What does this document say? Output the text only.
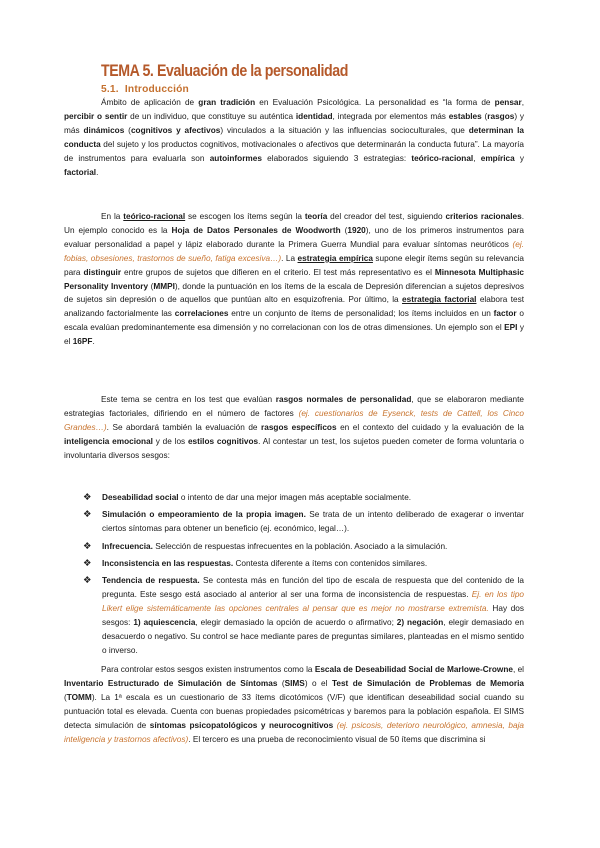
TEMA 5. Evaluación de la personalidad
5.1. Introducción

Ámbito de aplicación de gran tradición en Evaluación Psicológica. La personalidad es “la forma de pensar, percibir o sentir de un individuo, que constituye su auténtica identidad, integrada por elementos más estables (rasgos) y más dinámicos (cognitivos y afectivos) vinculados a la situación y las influencias socioculturales, que determinan la conducta del sujeto y los productos cognitivos, motivacionales o afectivos que determinarán la conducta futura”. La mayoría de instrumentos para evaluarla son autoinformes elaborados siguiendo 3 estrategias: teórico-racional, empírica y factorial.

En la teórico-racional se escogen los ítems según la teoría del creador del test, siguiendo criterios racionales. Un ejemplo conocido es la Hoja de Datos Personales de Woodworth (1920), uno de los primeros instrumentos para evaluar personalidad a papel y lápiz elaborado durante la Primera Guerra Mundial para evaluar síntomas neuróticos (ej. fobias, obsesiones, trastornos de sueño, fatiga excesiva…). La estrategia empírica supone elegir ítems según su relevancia para distinguir entre grupos de sujetos que difieren en el criterio. El test más representativo es el Minnesota Multiphasic Personality Inventory (MMPI), donde la puntuación en los ítems de la escala de Depresión diferencian a sujetos depresivos de sujetos sin depresión o de aquellos que puntúan alto en esquizofrenia. Por último, la estrategia factorial elabora test analizando factorialmente las correlaciones entre un conjunto de ítems de personalidad; los ítems incluidos en un factor o escala evalúan predominantemente esa dimensión y no correlacionan con los de otras dimensiones. Un ejemplo son el EPI y el 16PF.

Este tema se centra en los test que evalúan rasgos normales de personalidad, que se elaboraron mediante estrategias factoriales, difiriendo en el número de factores (ej. cuestionarios de Eysenck, tests de Cattell, los Cinco Grandes…). Se abordará también la evaluación de rasgos específicos en el contexto del cuidado y la evaluación de la inteligencia emocional y de los estilos cognitivos. Al contestar un test, los sujetos pueden cometer de forma voluntaria o involuntaria diversos sesgos:

❖ Deseabilidad social o intento de dar una mejor imagen más aceptable socialmente.
❖ Simulación o empeoramiento de la propia imagen. Se trata de un intento deliberado de exagerar o inventar ciertos síntomas para obtener un beneficio (ej. económico, legal…).
❖ Infrecuencia. Selección de respuestas infrecuentes en la población. Asociado a la simulación.
❖ Inconsistencia en las respuestas. Contesta diferente a ítems con contenidos similares.
❖ Tendencia de respuesta. Se contesta más en función del tipo de escala de respuesta que del contenido de la pregunta. Este sesgo está asociado al anterior al ser una forma de inconsistencia de respuestas. Ej. en los tipo Likert elige sistemáticamente las opciones centrales al pensar que es mejor no mostrarse extremista. Hay dos sesgos: 1) aquiescencia, elegir demasiado la opción de acuerdo o afirmativo; 2) negación, elegir demasiado en desacuerdo o negativo. Su control se hace mediante pares de preguntas similares, planteadas en el mismo sentido o inverso.

Para controlar estos sesgos existen instrumentos como la Escala de Deseabilidad Social de Marlowe-Crowne, el Inventario Estructurado de Simulación de Síntomas (SIMS) o el Test de Simulación de Problemas de Memoria (TOMM). La 1ª escala es un cuestionario de 33 ítems dicotómicos (V/F) que identifican deseabilidad social cuando su puntuación total es elevada. Cuenta con buenas propiedades psicométricas y baremos para la población española. El SIMS detecta simulación de síntomas psicopatológicos y neurocognitivos (ej. psicosis, deterioro neurológico, amnesia, baja inteligencia y trastornos afectivos). El tercero es una prueba de reconocimiento visual de 50 ítems que discrimina si
